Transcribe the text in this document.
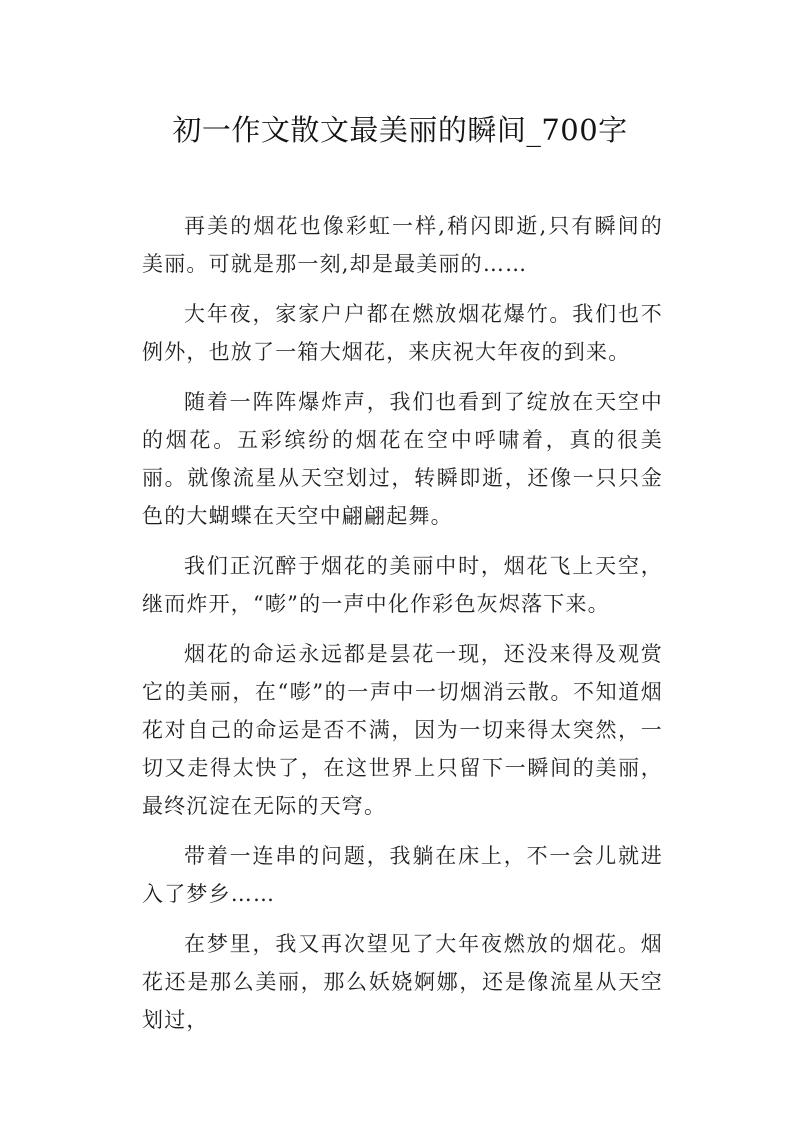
初一作文散文最美丽的瞬间_700字

再美的烟花也像彩虹一样,稍闪即逝,只有瞬间的美丽。可就是那一刻,却是最美丽的……

大年夜，家家户户都在燃放烟花爆竹。我们也不例外，也放了一箱大烟花，来庆祝大年夜的到来。

随着一阵阵爆炸声，我们也看到了绽放在天空中的烟花。五彩缤纷的烟花在空中呼啸着，真的很美丽。就像流星从天空划过，转瞬即逝，还像一只只金色的大蝴蝶在天空中翩翩起舞。

我们正沉醉于烟花的美丽中时，烟花飞上天空，继而炸开，“嘭”的一声中化作彩色灰烬落下来。

烟花的命运永远都是昙花一现，还没来得及观赏它的美丽，在“嘭”的一声中一切烟消云散。不知道烟花对自己的命运是否不满，因为一切来得太突然，一切又走得太快了，在这世界上只留下一瞬间的美丽，最终沉淀在无际的天穹。

带着一连串的问题，我躺在床上，不一会儿就进入了梦乡……

在梦里，我又再次望见了大年夜燃放的烟花。烟花还是那么美丽，那么妖娆婀娜，还是像流星从天空划过，
